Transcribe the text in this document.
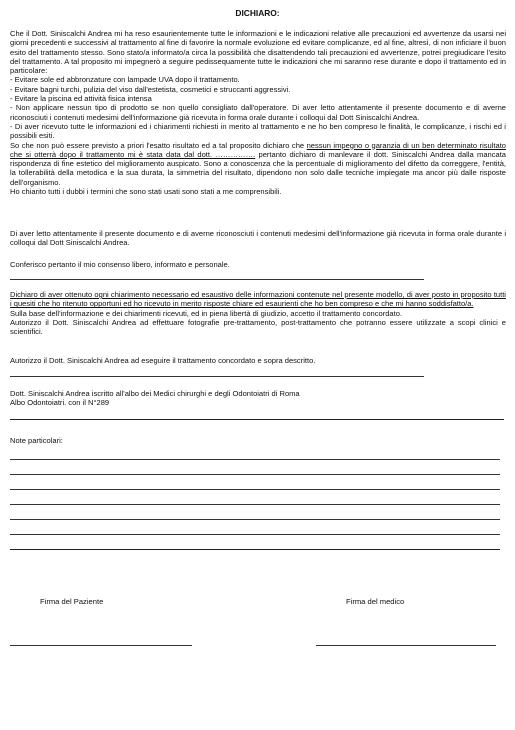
DICHIARO:
Che il Dott. Siniscalchi Andrea mi ha reso esaurientemente tutte le informazioni e le indicazioni relative alle precauzioni ed avvertenze da usarsi nei giorni precedenti e successivi al trattamento al fine di favorire la normale evoluzione ed evitare complicanze, ed al fine, altresì, di non inficiare il buon esito del trattamento stesso. Sono stato/a informato/a circa la possibilità che disattendendo tali precauzioni ed avvertenze, potrei pregiudicare l'esito del trattamento. A tal proposito mi impegnerò a seguire pedissequamente tutte le indicazioni che mi saranno rese durante e dopo il trattamento ed in particolare:
- Evitare sole ed abbronzature con lampade UVA dopo il trattamento.
- Evitare bagni turchi, pulizia del viso dall'estetista, cosmetici e struccanti aggressivi.
- Evitare la piscina ed attività fisica intensa
- Non applicare nessun tipo di prodotto se non quello consigliato dall'operatore. Di aver letto attentamente il presente documento e di averne riconosciuti i contenuti medesimi dell'informazione già ricevuta in forma orale durante i colloqui dal Dott Siniscalchi Andrea.
- Di aver ricevuto tutte le informazioni ed i chiarimenti richiesti in merito al trattamento e ne ho ben compreso le finalità, le complicanze, i rischi ed i possibili esiti.
So che non può essere previsto a priori l'esatto risultato ed a tal proposito dichiaro che nessun impegno o garanzia di un ben determinato risultato che si otterrà dopo il trattamento mi è stata data dal dott. ……………. pertanto dichiaro di manlevare il dott. Siniscalchi Andrea dalla mancata rispondenza di fine estetico del miglioramento auspicato. Sono a conoscenza che la percentuale di miglioramento del difetto da correggere, l'entità, la tollerabilità della metodica e la sua durata, la simmetria del risultato, dipendono non solo dalle tecniche impiegate ma ancor più dalle risposte dell'organismo.
Ho chiarito tutti i dubbi i termini che sono stati usati sono stati a me comprensibili.
Di aver letto attentamente il presente documento e di averne riconosciuti i contenuti medesimi dell'informazione già ricevuta in forma orale durante i colloqui dal Dott Siniscalchi Andrea.
Conferisco pertanto il mio consenso libero, informato e personale.
Dichiaro di aver ottenuto ogni chiarimento necessario ed esaustivo delle informazioni contenute nel presente modello, di aver posto in proposito tutti i quesiti che ho ritenuto opportuni ed ho ricevuto in merito risposte chiare ed esaurienti che ho ben compreso e che mi hanno soddisfatto/a.
Sulla base dell'informazione e dei chiarimenti ricevuti, ed in piena libertà di giudizio, accetto il trattamento concordato.
Autorizzo il Dott. Siniscalchi Andrea ad effettuare fotografie pre-trattamento, post-trattamento che potranno essere utilizzate a scopi clinici e scientifici.
Autorizzo il Dott. Siniscalchi Andrea ad eseguire il trattamento concordato e sopra descritto.
Dott. Siniscalchi Andrea iscritto all'albo dei Medici chirurghi e degli Odontoiatri di Roma
Albo Odontoiatri. con il N°289
Note particolari:
Firma del Paziente	Firma del medico
